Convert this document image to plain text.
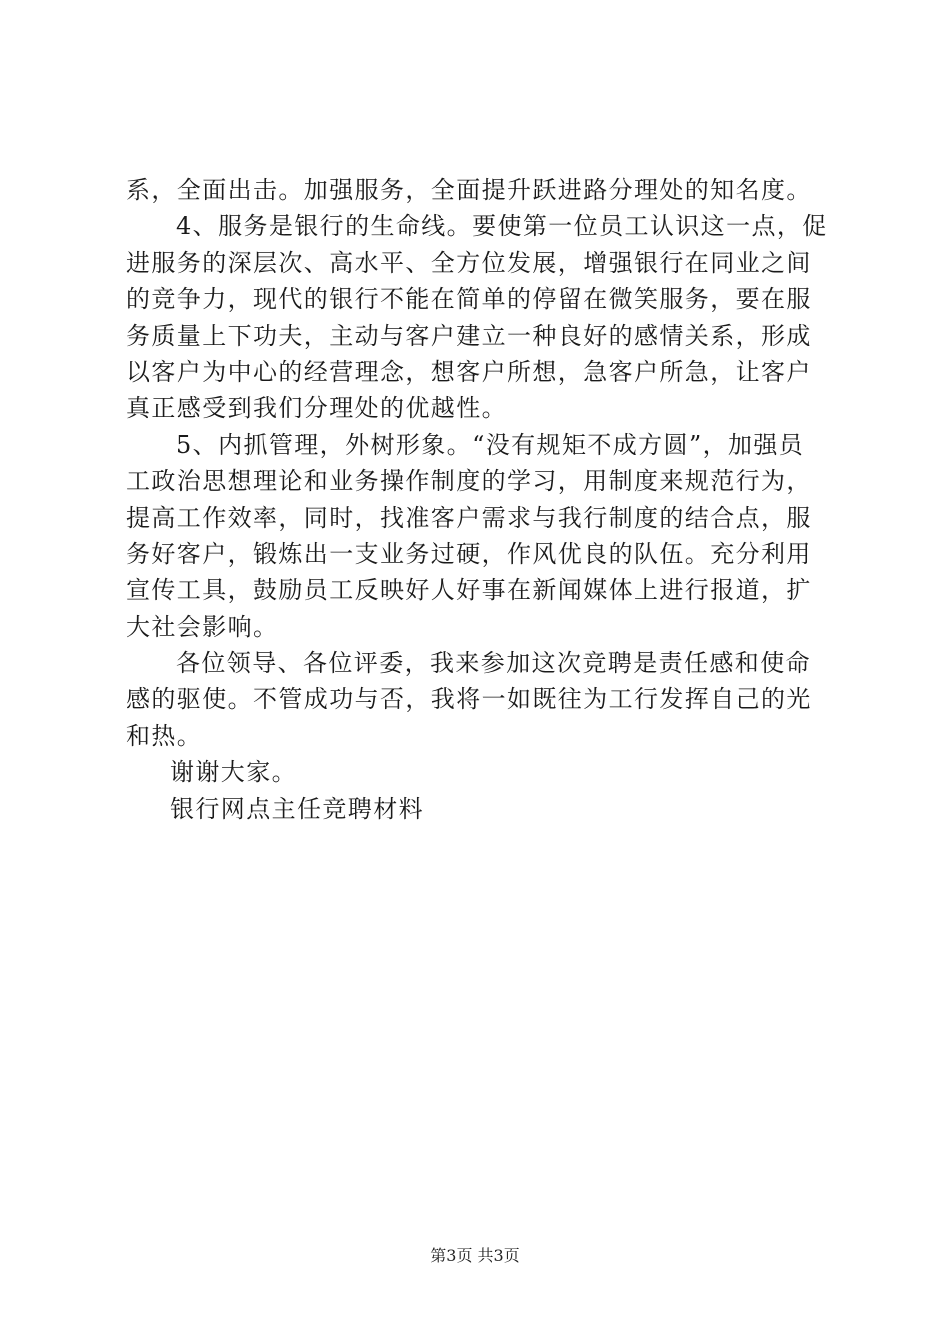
系，全面出击。加强服务，全面提升跃进路分理处的知名度。
4、服务是银行的生命线。要使第一位员工认识这一点，促
进服务的深层次、高水平、全方位发展，增强银行在同业之间
的竞争力，现代的银行不能在简单的停留在微笑服务，要在服
务质量上下功夫，主动与客户建立一种良好的感情关系，形成
以客户为中心的经营理念，想客户所想，急客户所急，让客户
真正感受到我们分理处的优越性。
5、内抓管理，外树形象。“没有规矩不成方圆”，加强员
工政治思想理论和业务操作制度的学习，用制度来规范行为，
提高工作效率，同时，找准客户需求与我行制度的结合点，服
务好客户，锻炼出一支业务过硬，作风优良的队伍。充分利用
宣传工具，鼓励员工反映好人好事在新闻媒体上进行报道，扩
大社会影响。
各位领导、各位评委，我来参加这次竞聘是责任感和使命
感的驱使。不管成功与否，我将一如既往为工行发挥自己的光
和热。
谢谢大家。
银行网点主任竞聘材料
第3页 共3页
